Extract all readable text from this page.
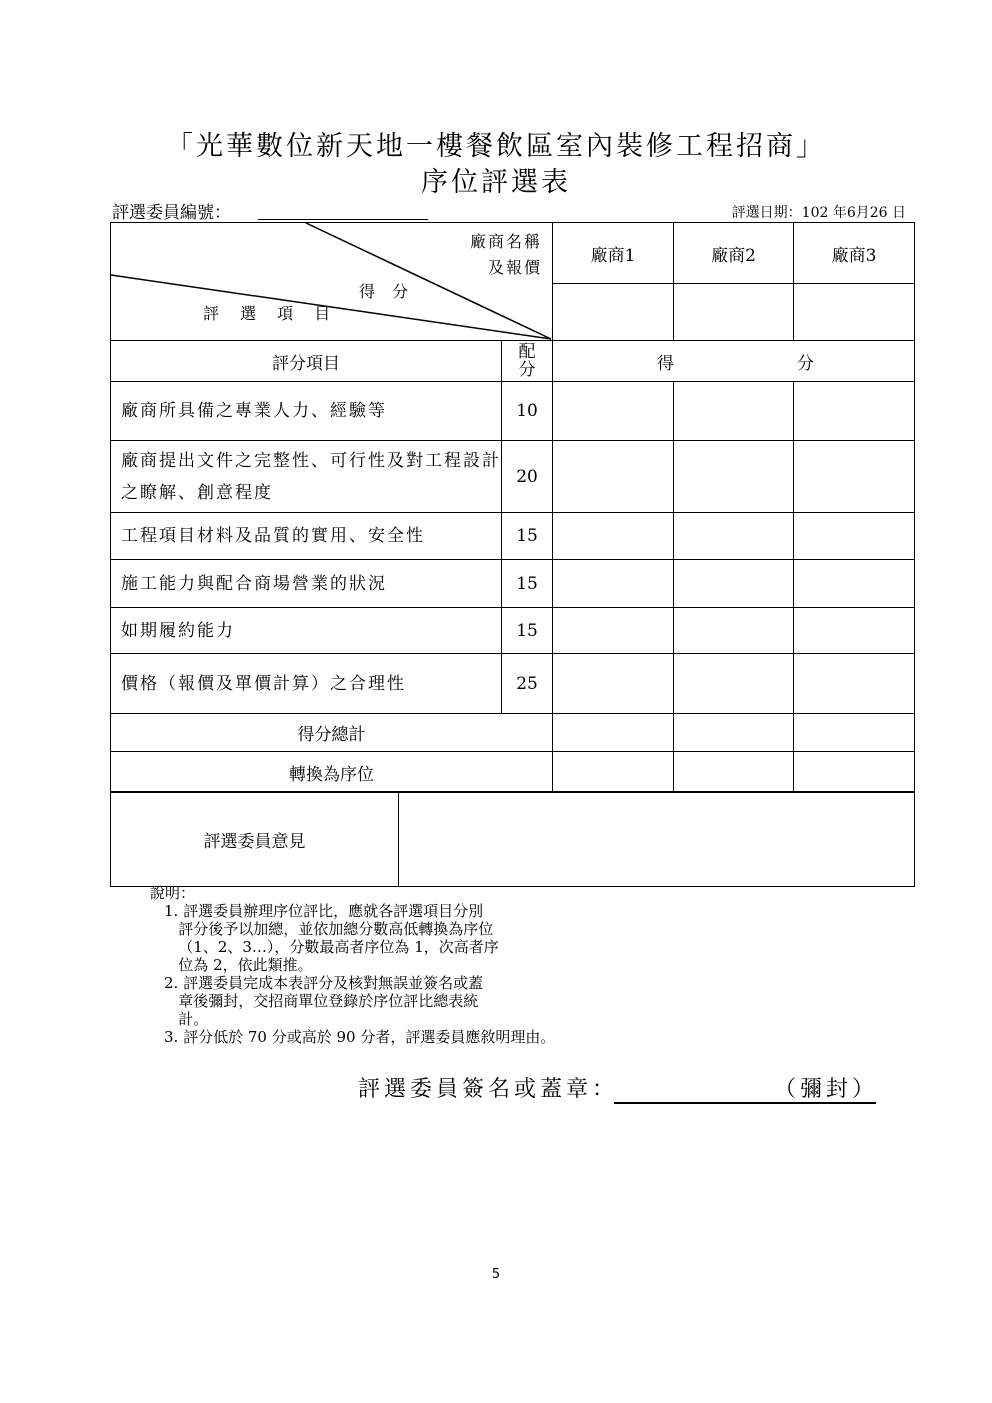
「光華數位新天地一樓餐飲區室內裝修工程招商」
序位評選表
評選委員編號：	評選日期：102 年6月26 日
廠商名稱
及報價
得 分
評 選 項 目		廠商1	廠商2	廠商3

評分項目	配分	得 分		

廠商所具備之專業人力、經驗等	10			
廠商提出文件之完整性、可行性及對工程設計之瞭解、創意程度	20			
工程項目材料及品質的實用、安全性	15			
施工能力與配合商場營業的狀況	15			
如期履約能力	15			
價格（報價及單價計算）之合理性	25			
得分總計				
轉換為序位				
評選委員意見	
說明：
1. 評選委員辦理序位評比，應就各評選項目分別
評分後予以加總，並依加總分數高低轉換為序位
（1、2、3…），分數最高者序位為 1，次高者序
位為 2，依此類推。
2. 評選委員完成本表評分及核對無誤並簽名或蓋
章後彌封，交招商單位登錄於序位評比總表統
計。
3. 評分低於 70 分或高於 90 分者，評選委員應敘明理由。
評選委員簽名或蓋章：	（彌封）
5
